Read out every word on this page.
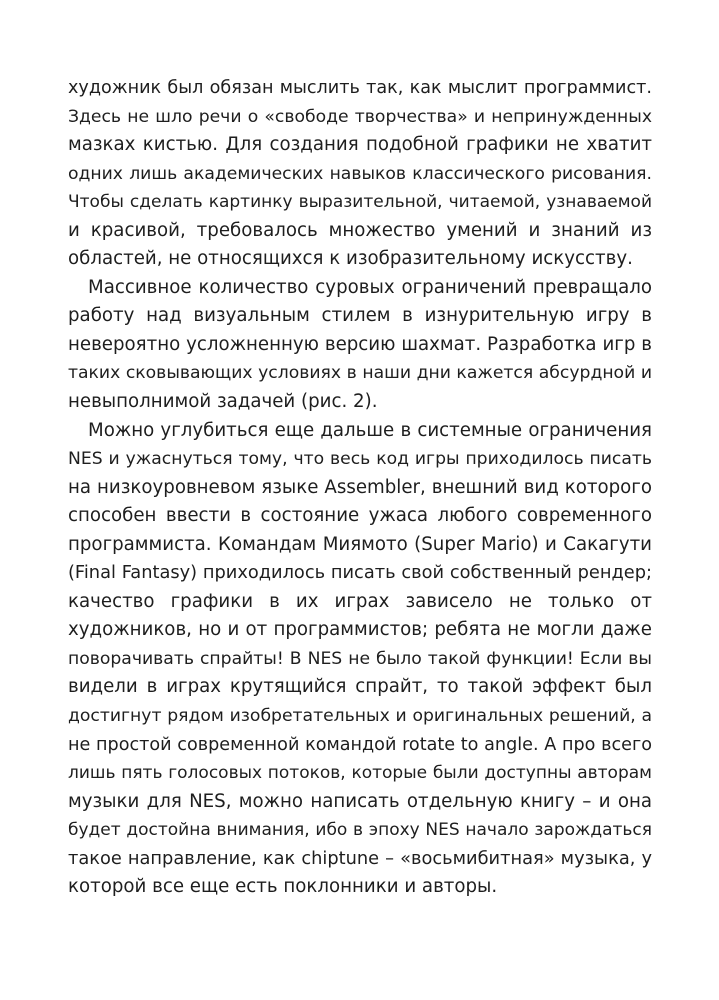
художник был обязан мыслить так, как мыслит программист.
Здесь не шло речи о «свободе творчества» и непринужденных
мазках кистью. Для создания подобной графики не хватит
одних лишь академических навыков классического рисования.
Чтобы сделать картинку выразительной, читаемой, узнаваемой
и красивой, требовалось множество умений и знаний из
областей, не относящихся к изобразительному искусству.
Массивное количество суровых ограничений превращало
работу над визуальным стилем в изнурительную игру в
невероятно усложненную версию шахмат. Разработка игр в
таких сковывающих условиях в наши дни кажется абсурдной и
невыполнимой задачей (рис. 2).
Можно углубиться еще дальше в системные ограничения
NES и ужаснуться тому, что весь код игры приходилось писать
на низкоуровневом языке Assembler, внешний вид которого
способен ввести в состояние ужаса любого современного
программиста. Командам Миямото (Super Mario) и Сакагути
(Final Fantasy) приходилось писать свой собственный рендер;
качество графики в их играх зависело не только от
художников, но и от программистов; ребята не могли даже
поворачивать спрайты! В NES не было такой функции! Если вы
видели в играх крутящийся спрайт, то такой эффект был
достигнут рядом изобретательных и оригинальных решений, а
не простой современной командой rotate to angle. А про всего
лишь пять голосовых потоков, которые были доступны авторам
музыки для NES, можно написать отдельную книгу – и она
будет достойна внимания, ибо в эпоху NES начало зарождаться
такое направление, как chiptune – «восьмибитная» музыка, у
которой все еще есть поклонники и авторы.
